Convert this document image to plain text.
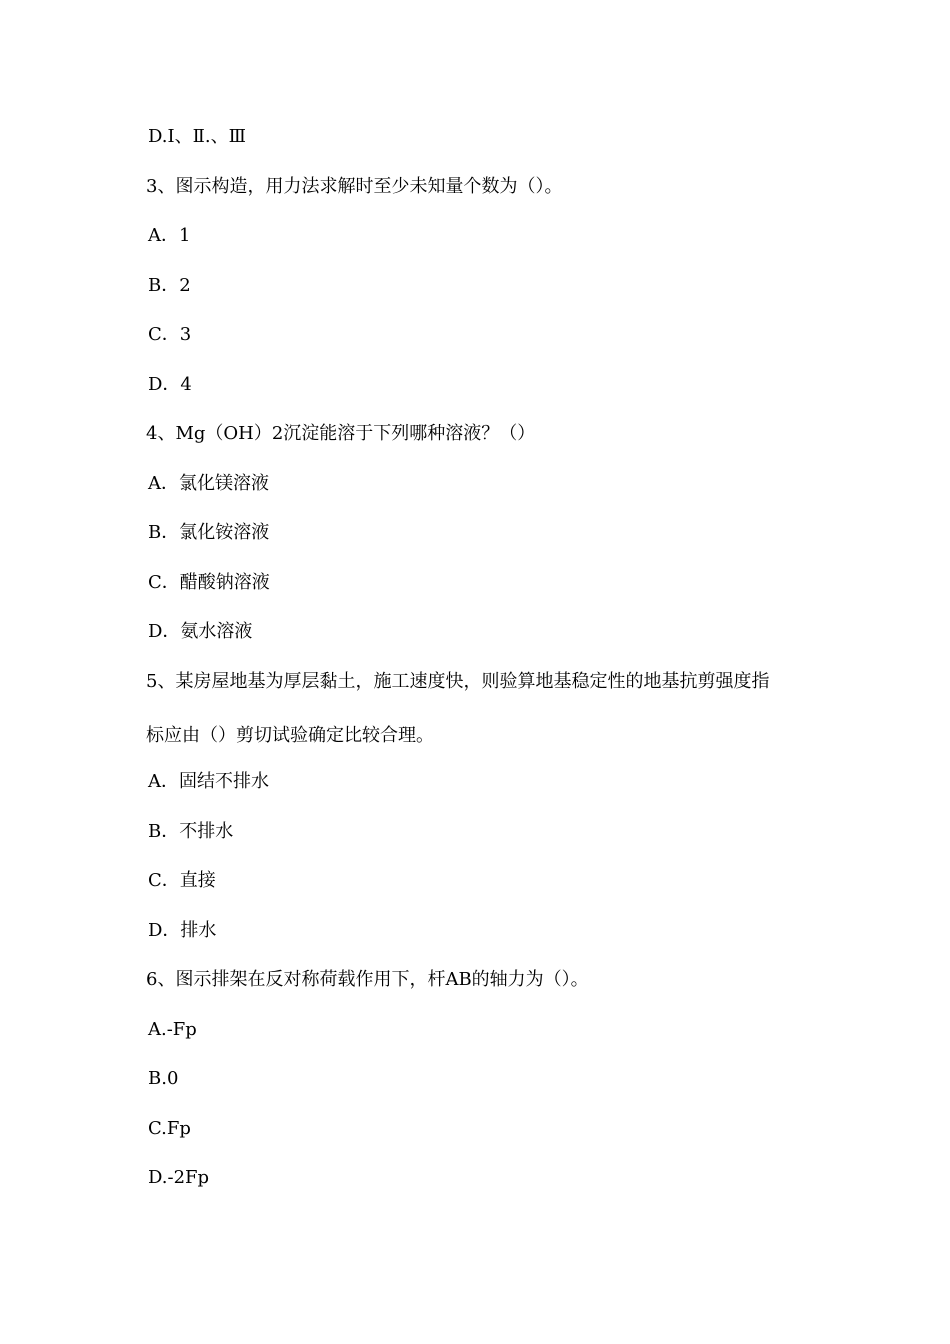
D.Ⅰ、Ⅱ.、Ⅲ
3、图示构造，用力法求解时至少未知量个数为（）。
A．1
B．2
C．3
D．4
4、Mg（OH）2沉淀能溶于下列哪种溶液？（）
A．氯化镁溶液
B．氯化铵溶液
C．醋酸钠溶液
D．氨水溶液
5、某房屋地基为厚层黏土，施工速度快，则验算地基稳定性的地基抗剪强度指
标应由（）剪切试验确定比较合理。
A．固结不排水
B．不排水
C．直接
D．排水
6、图示排架在反对称荷载作用下，杆AB的轴力为（）。
A.-Fp
B.0
C.Fp
D.-2Fp
